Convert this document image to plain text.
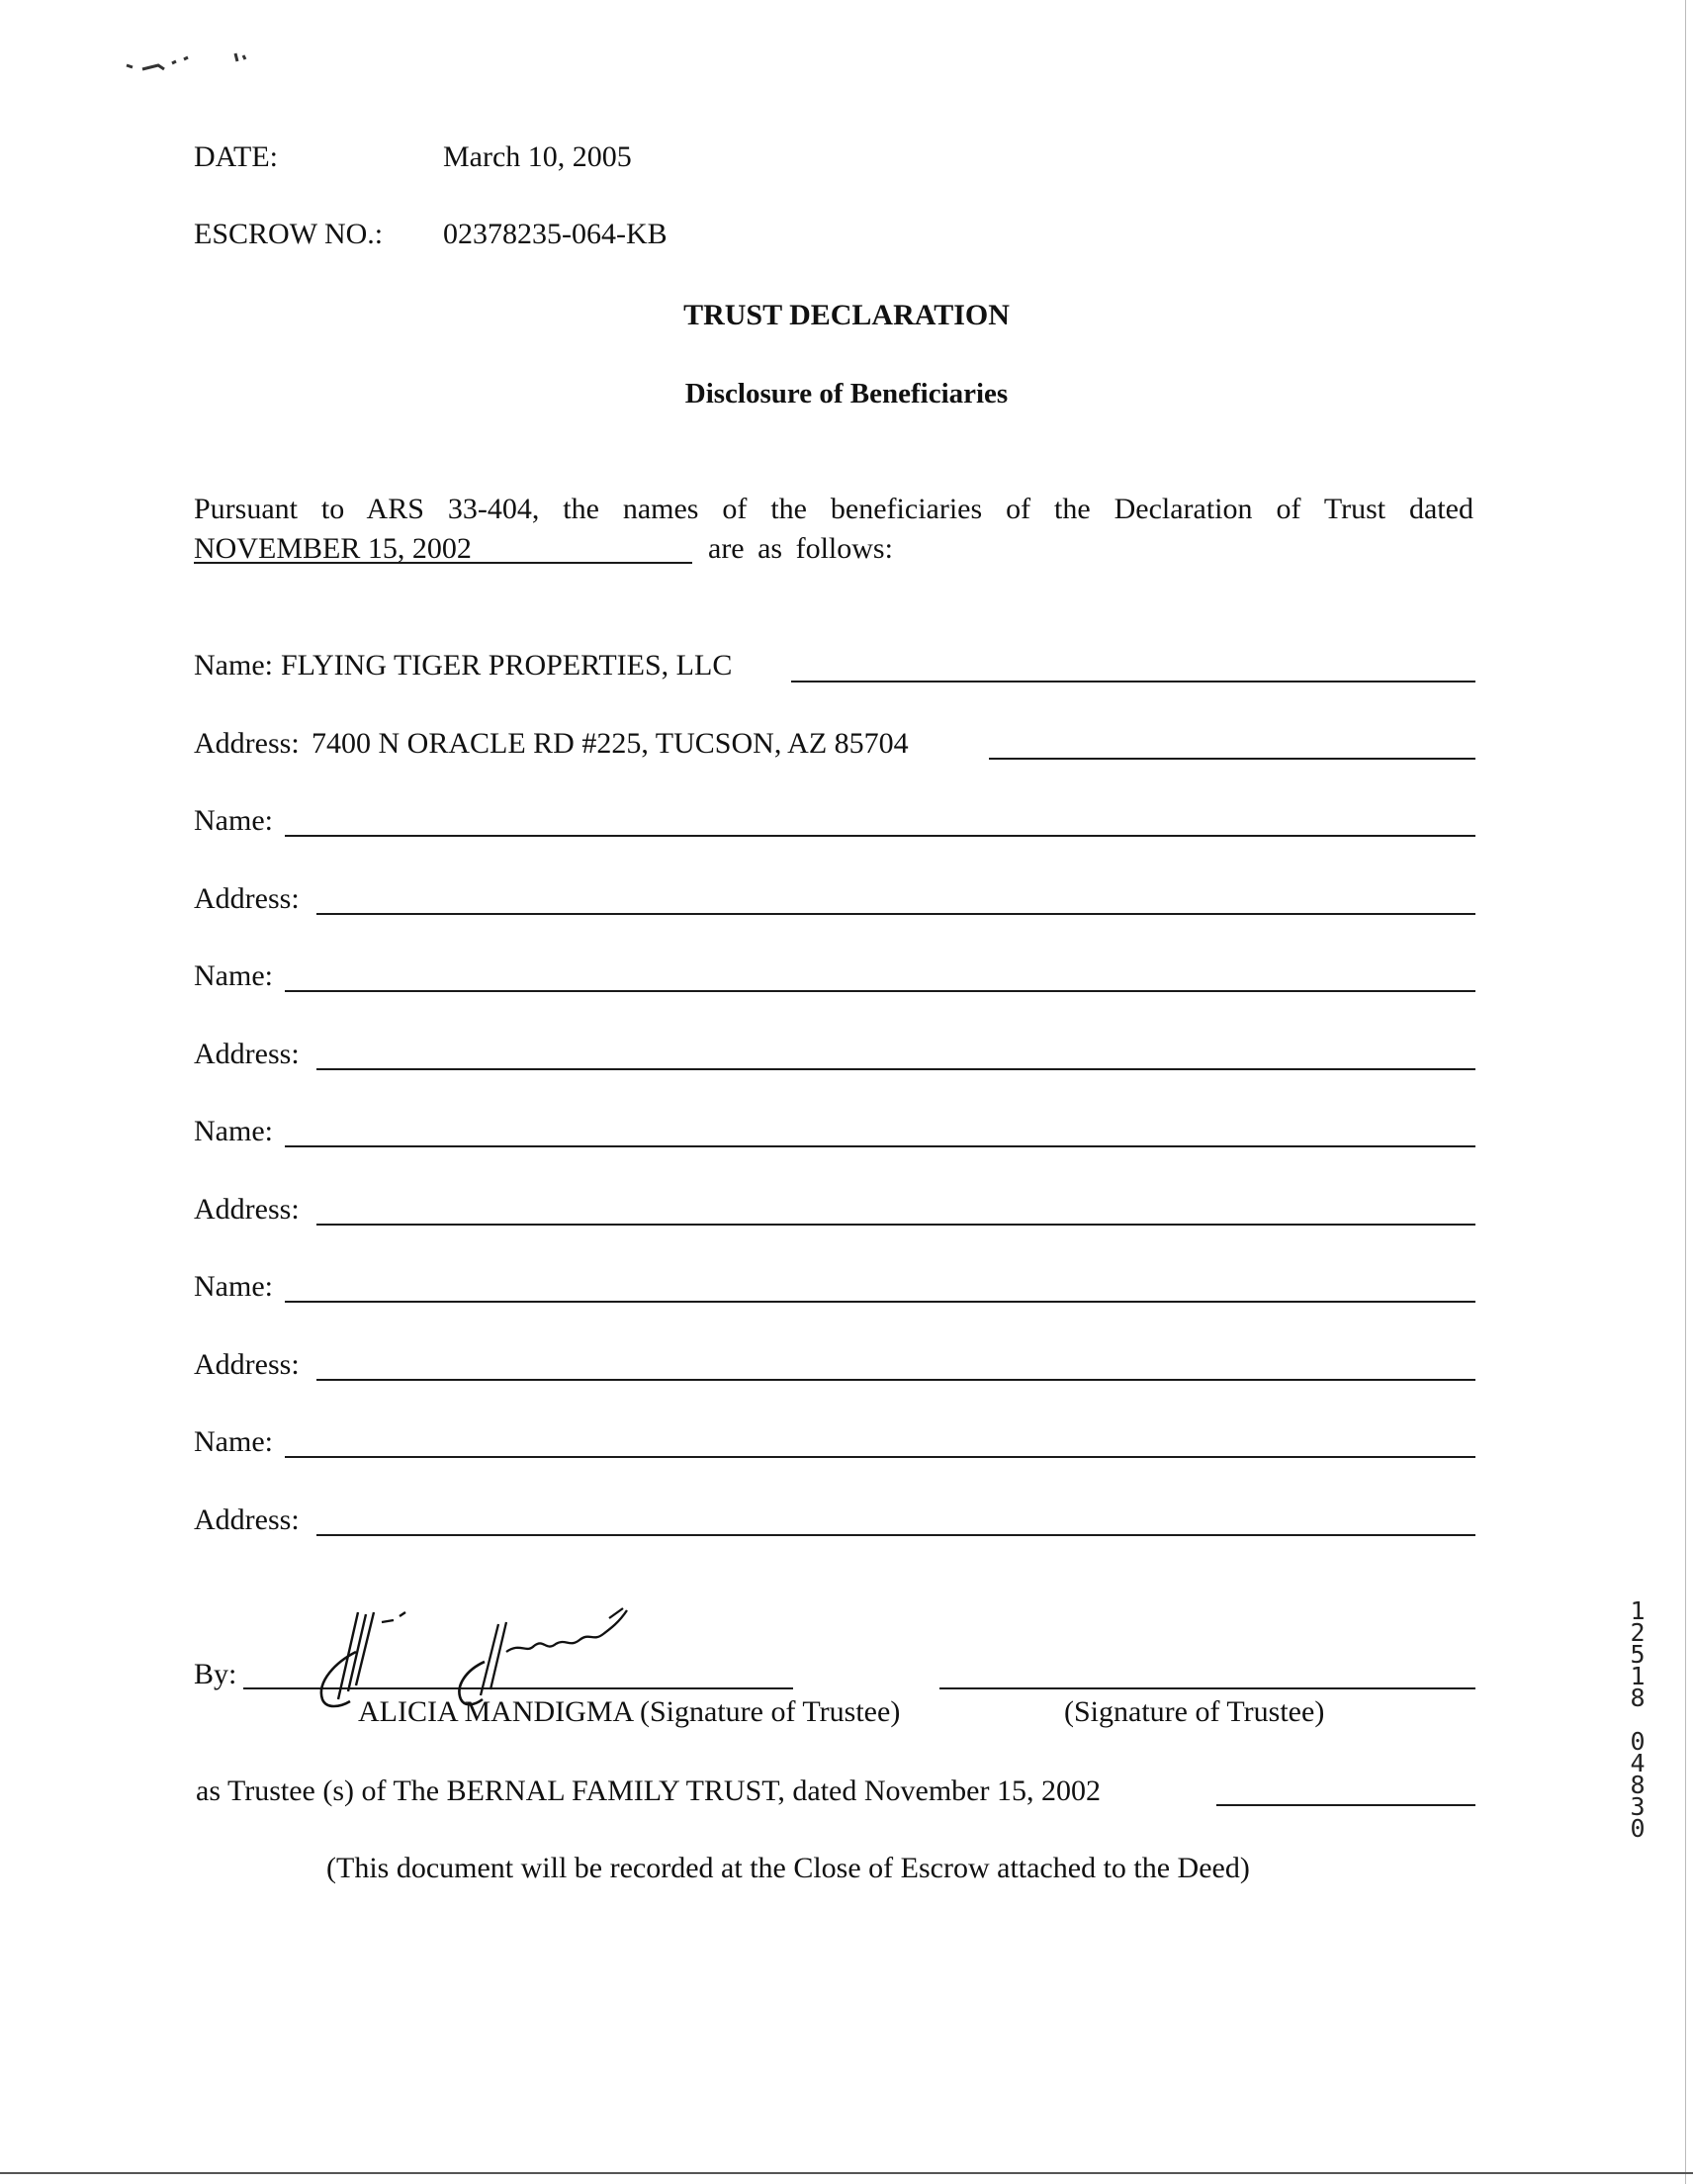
DATE:	March 10, 2005
ESCROW NO.: 02378235-064-KB
TRUST DECLARATION
Disclosure of Beneficiaries
Pursuant to ARS 33-404, the names of the beneficiaries of the Declaration of Trust dated
NOVEMBER 15, 2002	are as follows:
Name: FLYING TIGER PROPERTIES, LLC
Address: 7400 N ORACLE RD #225, TUCSON, AZ 85704
Name:
Address:
Name:
Address:
Name:
Address:
Name:
Address:
Name:
Address:
By:
ALICIA MANDIGMA (Signature of Trustee)	(Signature of Trustee)
as Trustee (s) of The BERNAL FAMILY TRUST, dated November 15, 2002
(This document will be recorded at the Close of Escrow attached to the Deed)
1
2
5
1
8
0
4
8
3
0
